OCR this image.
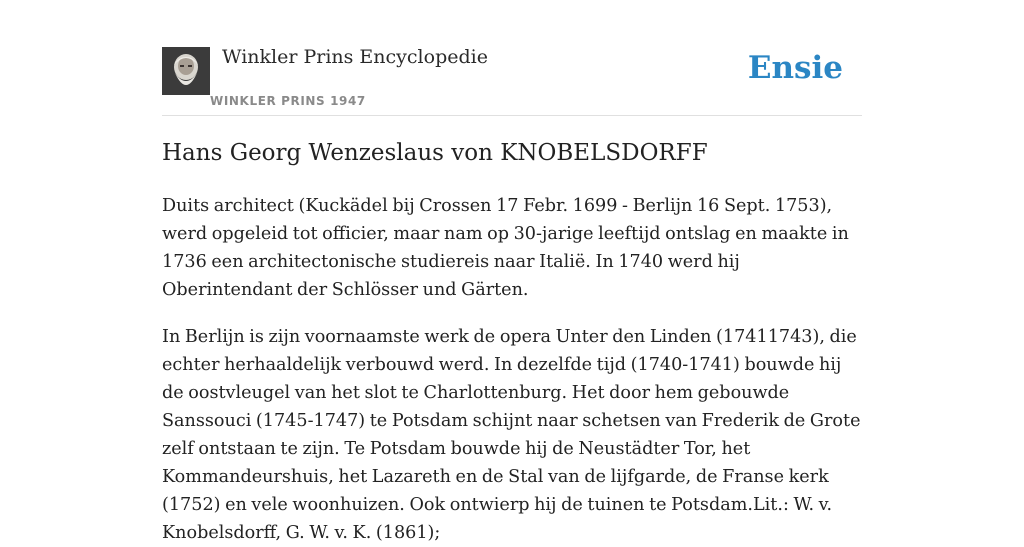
Winkler Prins Encyclopedie
WINKLER PRINS 1947
Ensie
Hans Georg Wenzeslaus von KNOBELSDORFF

Duits architect (Kuckädel bij Crossen 17 Febr. 1699 - Berlijn 16 Sept. 1753), werd opgeleid tot officier, maar nam op 30-jarige leeftijd ontslag en maakte in 1736 een architectonische studiereis naar Italië. In 1740 werd hij Oberintendant der Schlösser und Gärten.

In Berlijn is zijn voornaamste werk de opera Unter den Linden (17411743), die echter herhaaldelijk verbouwd werd. In dezelfde tijd (1740-1741) bouwde hij de oostvleugel van het slot te Charlottenburg. Het door hem gebouwde Sanssouci (1745-1747) te Potsdam schijnt naar schetsen van Frederik de Grote zelf ontstaan te zijn. Te Potsdam bouwde hij de Neustädter Tor, het Kommandeurshuis, het Lazareth en de Stal van de lijfgarde, de Franse kerk (1752) en vele woonhuizen. Ook ontwierp hij de tuinen te Potsdam.Lit.: W. v. Knobelsdorff, G. W. v. K. (1861);
